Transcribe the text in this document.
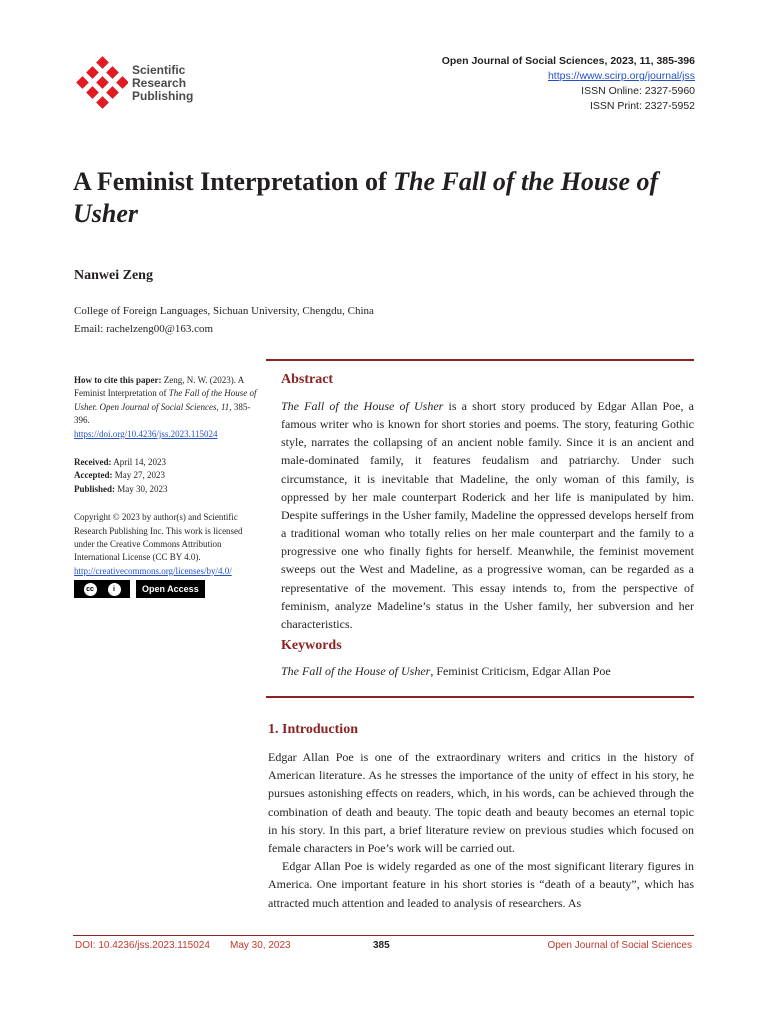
Scientific
Research
Publishing
Open Journal of Social Sciences, 2023, 11, 385-396
https://www.scirp.org/journal/jss
ISSN Online: 2327-5960
ISSN Print: 2327-5952
A Feminist Interpretation of The Fall of the House of Usher
Nanwei Zeng
College of Foreign Languages, Sichuan University, Chengdu, China
Email: rachelzeng00@163.com
How to cite this paper: Zeng, N. W. (2023). A Feminist Interpretation of The Fall of the House of Usher. Open Journal of Social Sciences, 11, 385-396.
https://doi.org/10.4236/jss.2023.115024
Received: April 14, 2023
Accepted: May 27, 2023
Published: May 30, 2023
Copyright © 2023 by author(s) and Scientific Research Publishing Inc. This work is licensed under the Creative Commons Attribution International License (CC BY 4.0).
http://creativecommons.org/licenses/by/4.0/
cc	i	Open Access
Abstract
The Fall of the House of Usher is a short story produced by Edgar Allan Poe, a famous writer who is known for short stories and poems. The story, featuring Gothic style, narrates the collapsing of an ancient noble family. Since it is an ancient and male-dominated family, it features feudalism and patriarchy. Under such circumstance, it is inevitable that Madeline, the only woman of this family, is oppressed by her male counterpart Roderick and her life is manipulated by him. Despite sufferings in the Usher family, Madeline the oppressed develops herself from a traditional woman who totally relies on her male counterpart and the family to a progressive one who finally fights for herself. Meanwhile, the feminist movement sweeps out the West and Madeline, as a progressive woman, can be regarded as a representative of the movement. This essay intends to, from the perspective of feminism, analyze Madeline’s status in the Usher family, her subversion and her characteristics.
Keywords
The Fall of the House of Usher, Feminist Criticism, Edgar Allan Poe
1. Introduction

Edgar Allan Poe is one of the extraordinary writers and critics in the history of American literature. As he stresses the importance of the unity of effect in his story, he pursues astonishing effects on readers, which, in his words, can be achieved through the combination of death and beauty. The topic death and beauty becomes an eternal topic in his story. In this part, a brief literature review on previous studies which focused on female characters in Poe’s work will be carried out.

Edgar Allan Poe is widely regarded as one of the most significant literary figures in America. One important feature in his short stories is “death of a beauty”, which has attracted much attention and leaded to analysis of researchers. As

DOI: 10.4236/jss.2023.115024 May 30, 2023	385	Open Journal of Social Sciences
